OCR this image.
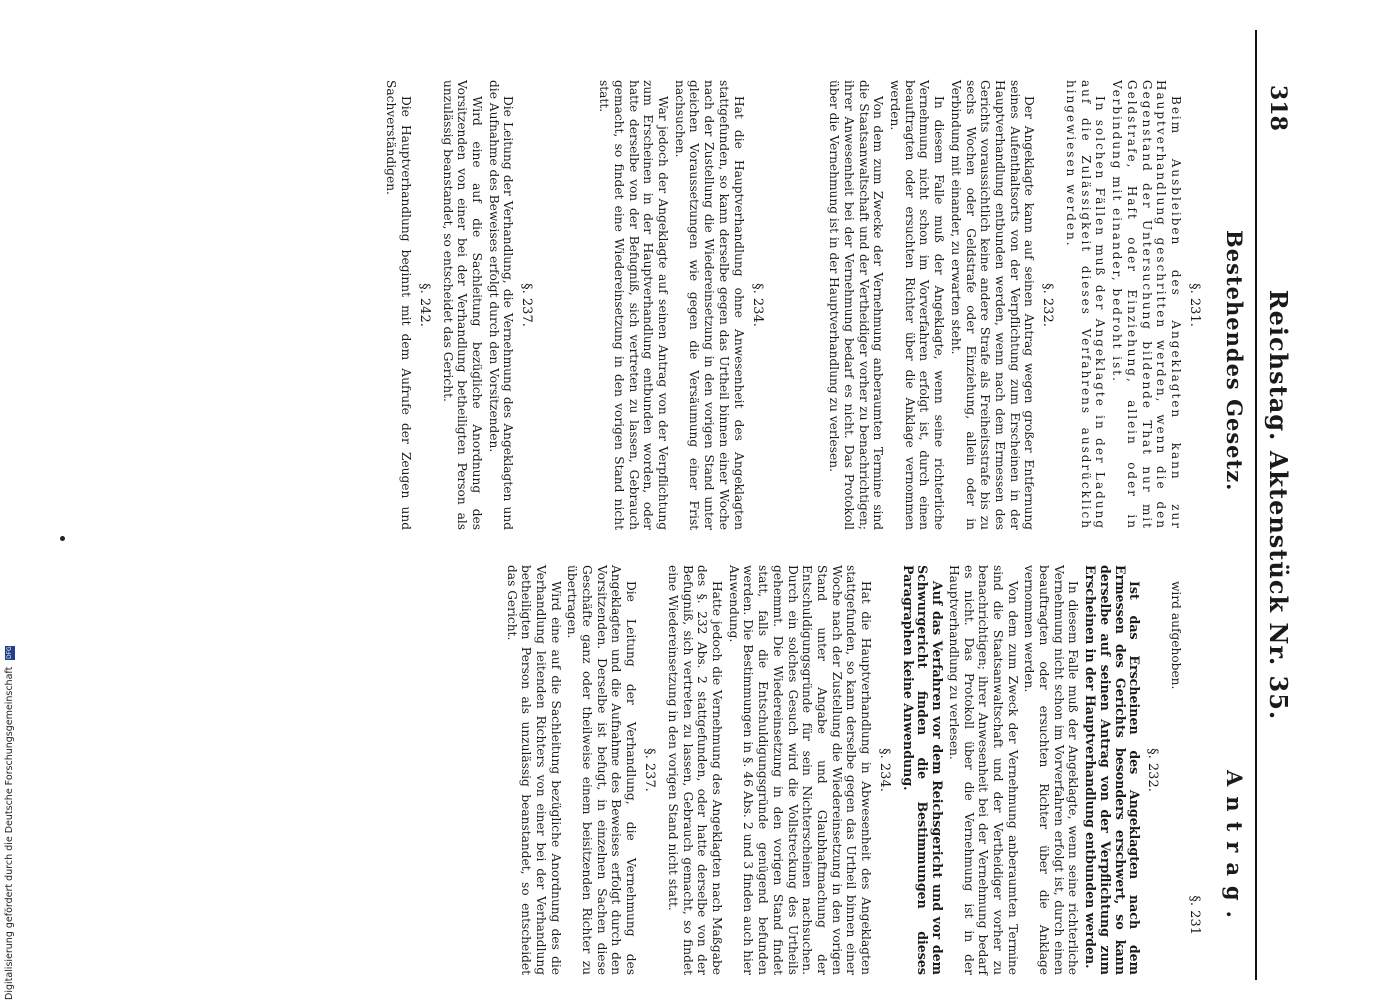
318
Reichstag. Aktenstück Nr. 35.
Bestehendes Gesetz.
Antrag.
§. 231.

Beim Ausbleiben des Angeklagten kann zur Hauptverhandlung geschritten werden, wenn die den Gegenstand der Untersuchung bildende That nur mit Geldstrafe, Haft oder Einziehung, allein oder in Verbindung mit einander, bedroht ist.

In solchen Fällen muß der Angeklagte in der Ladung auf die Zulässigkeit dieses Verfahrens ausdrücklich hingewiesen werden.

§. 232.

Der Angeklagte kann auf seinen Antrag wegen großer Entfernung seines Aufenthaltsorts von der Verpflichtung zum Erscheinen in der Hauptverhandlung entbunden werden, wenn nach dem Ermessen des Gerichts voraussichtlich keine andere Strafe als Freiheitsstrafe bis zu sechs Wochen oder Geldstrafe oder Einziehung, allein oder in Verbindung mit einander, zu erwarten steht.

In diesem Falle muß der Angeklagte, wenn seine richterliche Vernehmung nicht schon im Vorverfahren erfolgt ist, durch einen beauftragten oder ersuchten Richter über die Anklage vernommen werden.

Von dem zum Zwecke der Vernehmung anberaumten Termine sind die Staatsanwaltschaft und der Vertheidiger vorher zu benachrichtigen; ihrer Anwesenheit bei der Vernehmung bedarf es nicht. Das Protokoll über die Vernehmung ist in der Hauptverhandlung zu verlesen.

§. 234.

Hat die Hauptverhandlung ohne Anwesenheit des Angeklagten stattgefunden, so kann derselbe gegen das Urtheil binnen einer Woche nach der Zustellung die Wiedereinsetzung in den vorigen Stand unter gleichen Voraussetzungen wie gegen die Versäumung einer Frist nachsuchen.

War jedoch der Angeklagte auf seinen Antrag von der Verpflichtung zum Erscheinen in der Hauptverhandlung entbunden worden, oder hatte derselbe von der Befugniß, sich vertreten zu lassen, Gebrauch gemacht, so findet eine Wiedereinsetzung in den vorigen Stand nicht statt.

§. 237.

Die Leitung der Verhandlung, die Vernehmung des Angeklagten und die Aufnahme des Beweises erfolgt durch den Vorsitzenden.

Wird eine auf die Sachleitung bezügliche Anordnung des Vorsitzenden von einer bei der Verhandlung betheiligten Person als unzulässig beanstandet, so entscheidet das Gericht.

§. 242.

Die Hauptverhandlung beginnt mit dem Aufrufe der Zeugen und Sachverständigen.

§. 231

wird aufgehoben.

§. 232.

Ist das Erscheinen des Angeklagten nach dem Ermessen des Gerichts besonders erschwert, so kann derselbe auf seinen Antrag von der Verpflichtung zum Erscheinen in der Hauptverhandlung entbunden werden.

In diesem Falle muß der Angeklagte, wenn seine richterliche Vernehmung nicht schon im Vorverfahren erfolgt ist, durch einen beauftragten oder ersuchten Richter über die Anklage vernommen werden.

Von dem zum Zweck der Vernehmung anberaumten Termine sind die Staatsanwaltschaft und der Vertheidiger vorher zu benachrichtigen; ihrer Anwesenheit bei der Vernehmung bedarf es nicht. Das Protokoll über die Vernehmung ist in der Hauptverhandlung zu verlesen.

Auf das Verfahren vor dem Reichsgericht und vor dem Schwurgericht finden die Bestimmungen dieses Paragraphen keine Anwendung.

§. 234.

Hat die Hauptverhandlung in Abwesenheit des Angeklagten stattgefunden, so kann derselbe gegen das Urtheil binnen einer Woche nach der Zustellung die Wiedereinsetzung in den vorigen Stand unter Angabe und Glaubhaftmachung der Entschuldigungsgründe für sein Nichterscheinen nachsuchen. Durch ein solches Gesuch wird die Vollstreckung des Urtheils gehemmt. Die Wiedereinsetzung in den vorigen Stand findet statt, falls die Entschuldigungsgründe genügend befunden werden. Die Bestimmungen in §. 46 Abs. 2 und 3 finden auch hier Anwendung.

Hatte jedoch die Vernehmung des Angeklagten nach Maßgabe des §. 232 Abs. 2 stattgefunden, oder hatte derselbe von der Befugniß, sich vertreten zu lassen, Gebrauch gemacht, so findet eine Wiedereinsetzung in den vorigen Stand nicht statt.

§. 237.

Die Leitung der Verhandlung, die Vernehmung des Angeklagten und die Aufnahme des Beweises erfolgt durch den Vorsitzenden. Derselbe ist befugt, in einzelnen Sachen diese Geschäfte ganz oder theilweise einem beisitzenden Richter zu übertragen.

Wird eine auf die Sachleitung bezügliche Anordnung des die Verhandlung leitenden Richters von einer bei der Verhandlung betheiligten Person als unzulässig beanstandet, so entscheidet das Gericht.

Digitalisierung gefördert durch die Deutsche Forschungsgemeinschaft DFG
